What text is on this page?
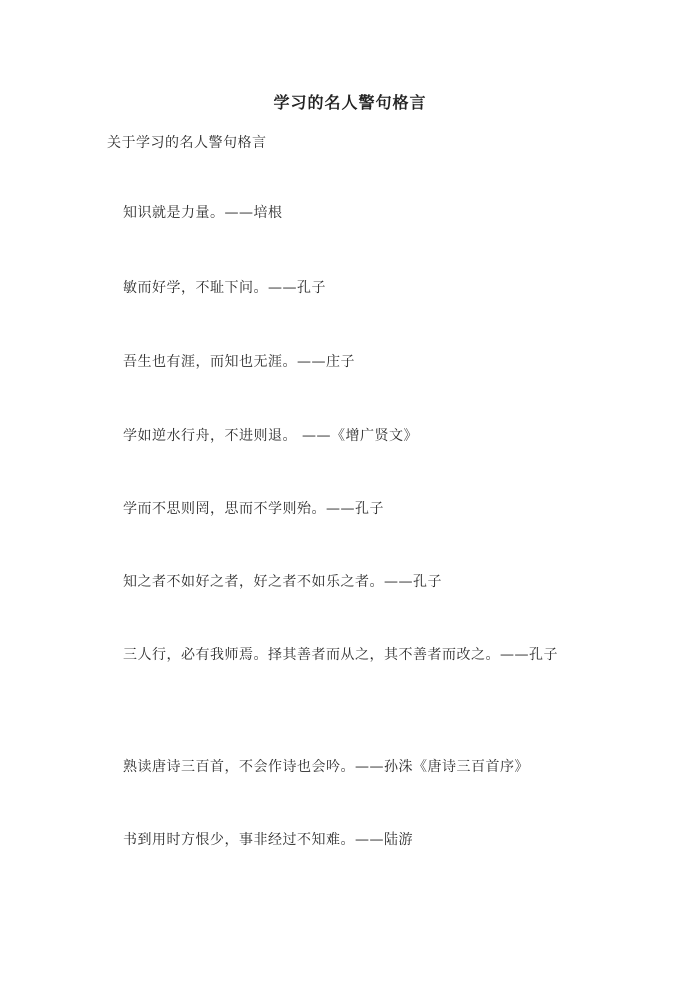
学习的名人警句格言
关于学习的名人警句格言
知识就是力量。——培根
敏而好学，不耻下问。——孔子
吾生也有涯，而知也无涯。——庄子
学如逆水行舟，不进则退。 ——《增广贤文》
学而不思则罔，思而不学则殆。——孔子
知之者不如好之者，好之者不如乐之者。——孔子
三人行，必有我师焉。择其善者而从之，其不善者而改之。——孔子
熟读唐诗三百首，不会作诗也会吟。——孙洙《唐诗三百首序》
书到用时方恨少，事非经过不知难。——陆游
